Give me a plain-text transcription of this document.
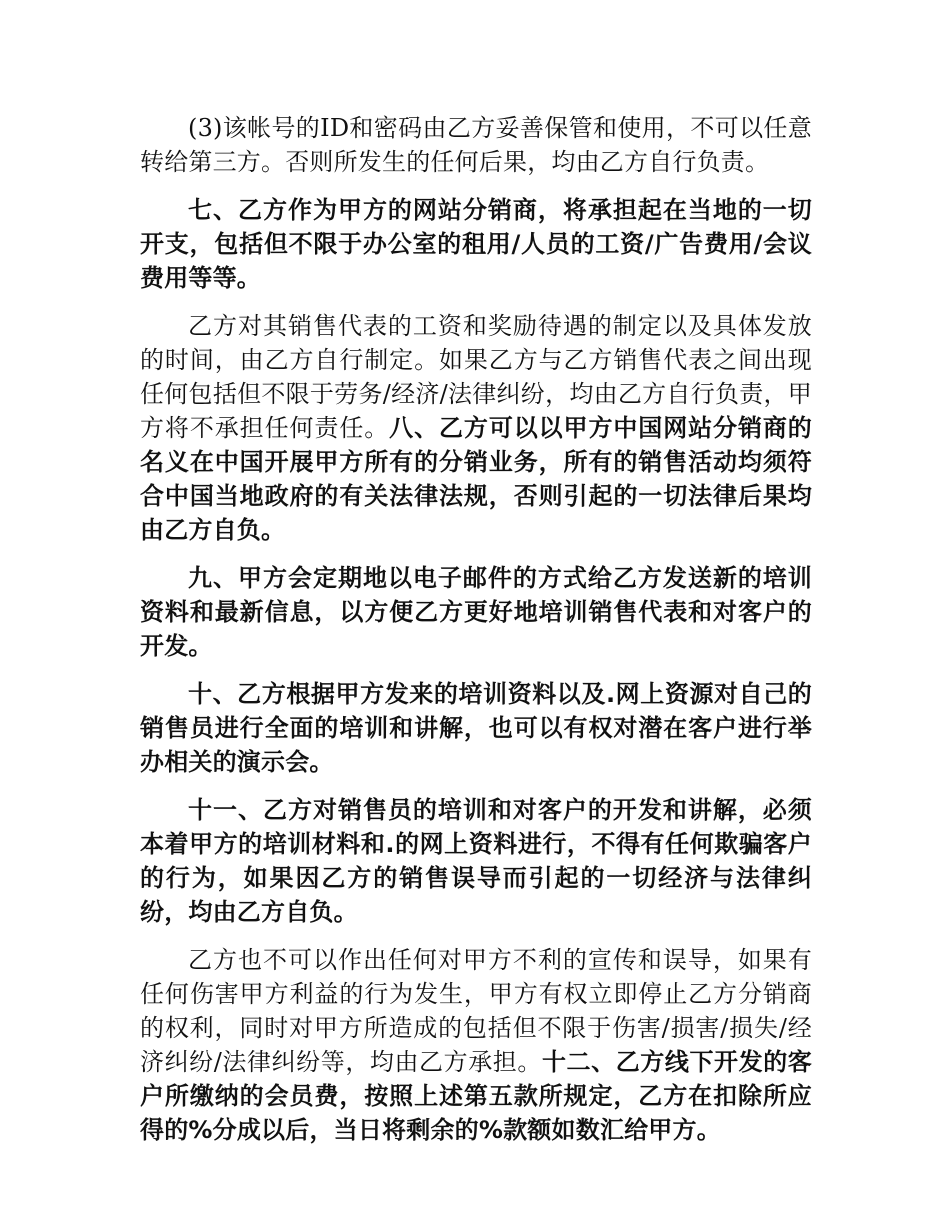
(3)该帐号的ID和密码由乙方妥善保管和使用，不可以任意转给第三方。否则所发生的任何后果，均由乙方自行负责。

七、乙方作为甲方的网站分销商，将承担起在当地的一切开支，包括但不限于办公室的租用/人员的工资/广告费用/会议费用等等。

乙方对其销售代表的工资和奖励待遇的制定以及具体发放的时间，由乙方自行制定。如果乙方与乙方销售代表之间出现任何包括但不限于劳务/经济/法律纠纷，均由乙方自行负责，甲方将不承担任何责任。八、乙方可以以甲方中国网站分销商的名义在中国开展甲方所有的分销业务，所有的销售活动均须符合中国当地政府的有关法律法规，否则引起的一切法律后果均由乙方自负。

九、甲方会定期地以电子邮件的方式给乙方发送新的培训资料和最新信息，以方便乙方更好地培训销售代表和对客户的开发。

十、乙方根据甲方发来的培训资料以及.网上资源对自己的销售员进行全面的培训和讲解，也可以有权对潜在客户进行举办相关的演示会。

十一、乙方对销售员的培训和对客户的开发和讲解，必须本着甲方的培训材料和.的网上资料进行，不得有任何欺骗客户的行为，如果因乙方的销售误导而引起的一切经济与法律纠纷，均由乙方自负。

乙方也不可以作出任何对甲方不利的宣传和误导，如果有任何伤害甲方利益的行为发生，甲方有权立即停止乙方分销商的权利，同时对甲方所造成的包括但不限于伤害/损害/损失/经济纠纷/法律纠纷等，均由乙方承担。十二、乙方线下开发的客户所缴纳的会员费，按照上述第五款所规定，乙方在扣除所应得的%分成以后，当日将剩余的%款额如数汇给甲方。
